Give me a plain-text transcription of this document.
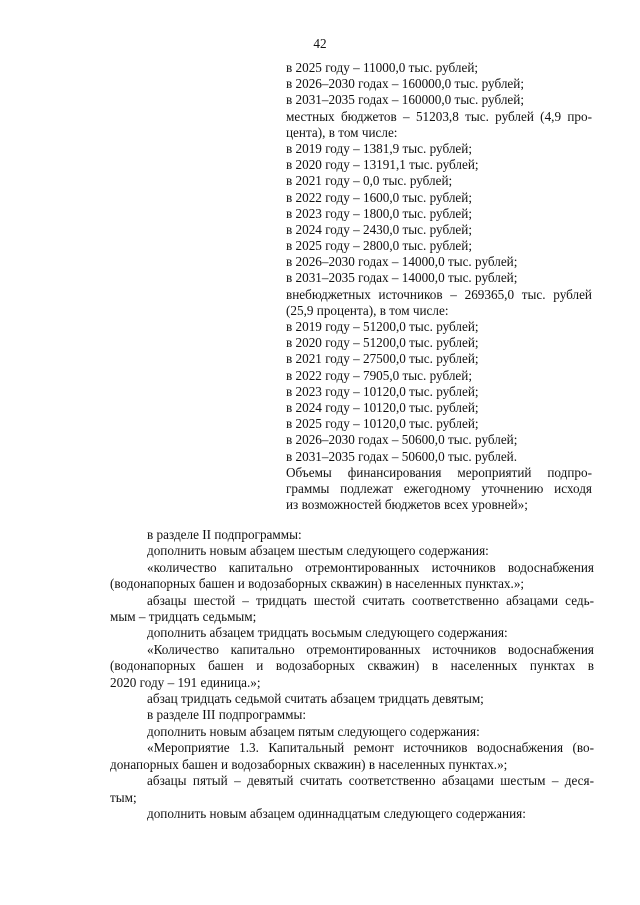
42
в 2025 году – 11000,0 тыс. рублей;
в 2026–2030 годах – 160000,0 тыс. рублей;
в 2031–2035 годах – 160000,0 тыс. рублей;
местных бюджетов – 51203,8 тыс. рублей (4,9 про-
цента), в том числе:
в 2019 году – 1381,9 тыс. рублей;
в 2020 году – 13191,1 тыс. рублей;
в 2021 году – 0,0 тыс. рублей;
в 2022 году – 1600,0 тыс. рублей;
в 2023 году – 1800,0 тыс. рублей;
в 2024 году – 2430,0 тыс. рублей;
в 2025 году – 2800,0 тыс. рублей;
в 2026–2030 годах – 14000,0 тыс. рублей;
в 2031–2035 годах – 14000,0 тыс. рублей;
внебюджетных источников – 269365,0 тыс. рублей
(25,9 процента), в том числе:
в 2019 году – 51200,0 тыс. рублей;
в 2020 году – 51200,0 тыс. рублей;
в 2021 году – 27500,0 тыс. рублей;
в 2022 году – 7905,0 тыс. рублей;
в 2023 году – 10120,0 тыс. рублей;
в 2024 году – 10120,0 тыс. рублей;
в 2025 году – 10120,0 тыс. рублей;
в 2026–2030 годах – 50600,0 тыс. рублей;
в 2031–2035 годах – 50600,0 тыс. рублей.
Объемы финансирования мероприятий подпро-
граммы подлежат ежегодному уточнению исходя
из возможностей бюджетов всех уровней»;
в разделе II подпрограммы:
дополнить новым абзацем шестым следующего содержания:
«количество капитально отремонтированных источников водоснабжения
(водонапорных башен и водозаборных скважин) в населенных пунктах.»;
абзацы шестой – тридцать шестой считать соответственно абзацами седь-
мым – тридцать седьмым;
дополнить абзацем тридцать восьмым следующего содержания:
«Количество капитально отремонтированных источников водоснабжения
(водонапорных башен и водозаборных скважин) в населенных пунктах в
2020 году – 191 единица.»;
абзац тридцать седьмой считать абзацем тридцать девятым;
в разделе III подпрограммы:
дополнить новым абзацем пятым следующего содержания:
«Мероприятие 1.3. Капитальный ремонт источников водоснабжения (во-
донапорных башен и водозаборных скважин) в населенных пунктах.»;
абзацы пятый – девятый считать соответственно абзацами шестым – деся-
тым;
дополнить новым абзацем одиннадцатым следующего содержания:
